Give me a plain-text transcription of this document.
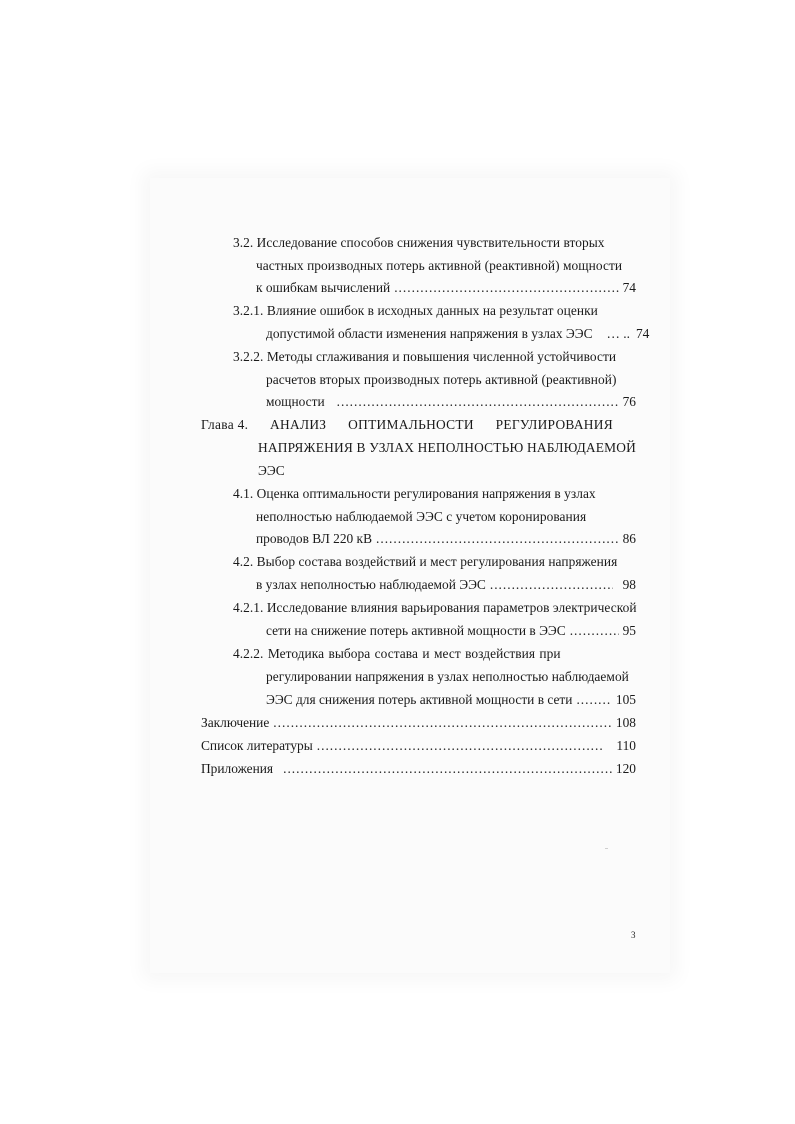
3.2. Исследование способов снижения чувствительности вторых
частных производных потерь активной (реактивной) мощности
к ошибкам вычислений .....	74
3.2.1. Влияние ошибок в исходных данных на результат оценки
допустимой области изменения напряжения в узлах ЭЭС … .. 74
3.2.2. Методы сглаживания и повышения численной устойчивости
расчетов вторых производных потерь активной (реактивной)
мощности .....	76
Глава 4. АНАЛИЗ ОПТИМАЛЬНОСТИ РЕГУЛИРОВАНИЯ
НАПРЯЖЕНИЯ В УЗЛАХ НЕПОЛНОСТЬЮ НАБЛЮДАЕМОЙ
ЭЭС
4.1. Оценка оптимальности регулирования напряжения в узлах
неполностью наблюдаемой ЭЭС с учетом коронирования
проводов ВЛ 220 кВ .....	86
4.2. Выбор состава воздействий и мест регулирования напряжения
в узлах неполностью наблюдаемой ЭЭС .....	98
4.2.1. Исследование влияния варьирования параметров электрической
сети на снижение потерь активной мощности в ЭЭС .....	95
4.2.2. Методика выбора состава и мест воздействия при
регулировании напряжения в узлах неполностью наблюдаемой
ЭЭС для снижения потерь активной мощности в сети .....	105
Заключение .....	108
Список литературы .....	110
Приложения .....	120
3
